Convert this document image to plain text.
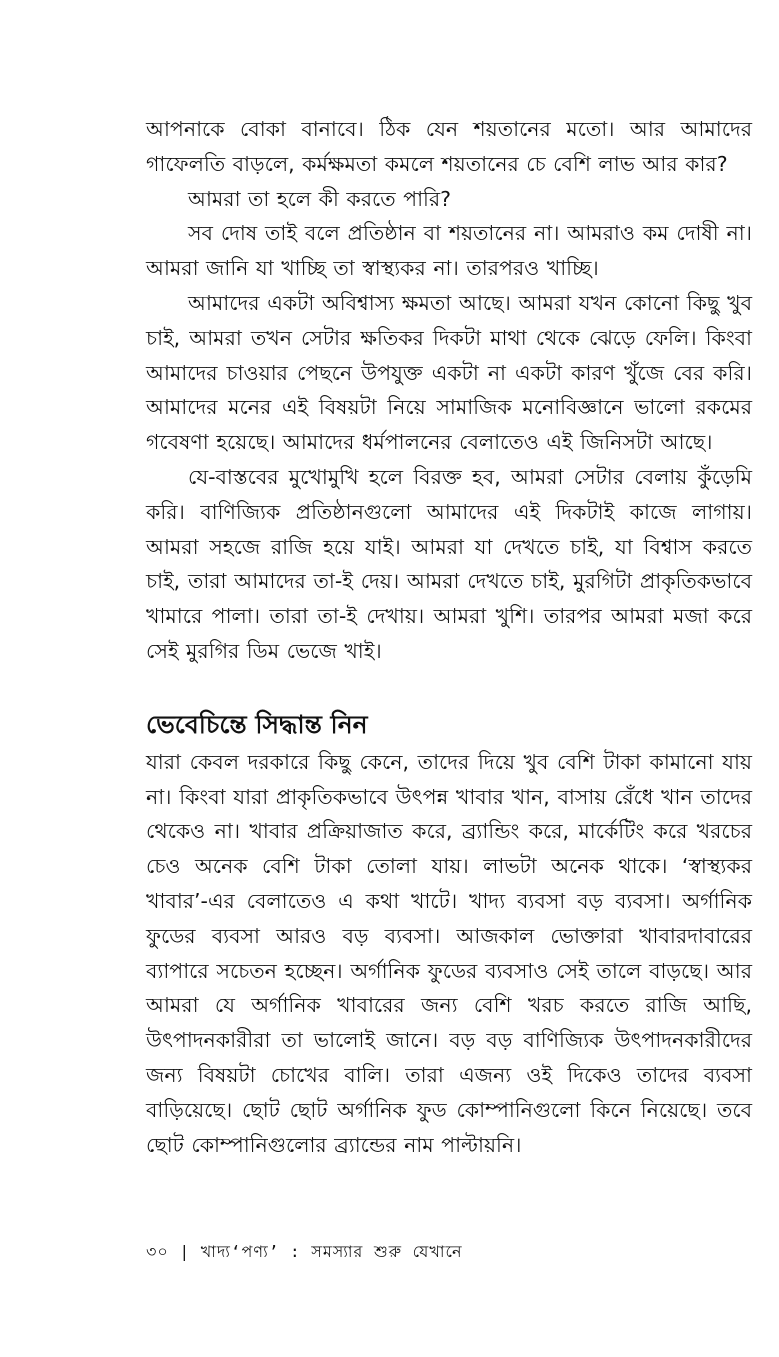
আপনাকে বোকা বানাবে। ঠিক যেন শয়তানের মতো। আর আমাদের গাফেলতি বাড়লে, কর্মক্ষমতা কমলে শয়তানের চে বেশি লাভ আর কার?

আমরা তা হলে কী করতে পারি?

সব দোষ তাই বলে প্রতিষ্ঠান বা শয়তানের না। আমরাও কম দোষী না। আমরা জানি যা খাচ্ছি তা স্বাস্থ্যকর না। তারপরও খাচ্ছি।

আমাদের একটা অবিশ্বাস্য ক্ষমতা আছে। আমরা যখন কোনো কিছু খুব চাই, আমরা তখন সেটার ক্ষতিকর দিকটা মাথা থেকে ঝেড়ে ফেলি। কিংবা আমাদের চাওয়ার পেছনে উপযুক্ত একটা না একটা কারণ খুঁজে বের করি। আমাদের মনের এই বিষয়টা নিয়ে সামাজিক মনোবিজ্ঞানে ভালো রকমের গবেষণা হয়েছে। আমাদের ধর্মপালনের বেলাতেও এই জিনিসটা আছে।

যে-বাস্তবের মুখোমুখি হলে বিরক্ত হব, আমরা সেটার বেলায় কুঁড়েমি করি। বাণিজ্যিক প্রতিষ্ঠানগুলো আমাদের এই দিকটাই কাজে লাগায়। আমরা সহজে রাজি হয়ে যাই। আমরা যা দেখতে চাই, যা বিশ্বাস করতে চাই, তারা আমাদের তা-ই দেয়। আমরা দেখতে চাই, মুরগিটা প্রাকৃতিকভাবে খামারে পালা। তারা তা-ই দেখায়। আমরা খুশি। তারপর আমরা মজা করে সেই মুরগির ডিম ভেজে খাই।

ভেবেচিন্তে সিদ্ধান্ত নিন

যারা কেবল দরকারে কিছু কেনে, তাদের দিয়ে খুব বেশি টাকা কামানো যায় না। কিংবা যারা প্রাকৃতিকভাবে উৎপন্ন খাবার খান, বাসায় রেঁধে খান তাদের থেকেও না। খাবার প্রক্রিয়াজাত করে, ব্র্যান্ডিং করে, মার্কেটিং করে খরচের চেও অনেক বেশি টাকা তোলা যায়। লাভটা অনেক থাকে। ‘স্বাস্থ্যকর খাবার’-এর বেলাতেও এ কথা খাটে। খাদ্য ব্যবসা বড় ব্যবসা। অর্গানিক ফুডের ব্যবসা আরও বড় ব্যবসা। আজকাল ভোক্তারা খাবারদাবারের ব্যাপারে সচেতন হচ্ছেন। অর্গানিক ফুডের ব্যবসাও সেই তালে বাড়ছে। আর আমরা যে অর্গানিক খাবারের জন্য বেশি খরচ করতে রাজি আছি, উৎপাদনকারীরা তা ভালোই জানে। বড় বড় বাণিজ্যিক উৎপাদনকারীদের জন্য বিষয়টা চোখের বালি। তারা এজন্য ওই দিকেও তাদের ব্যবসা বাড়িয়েছে। ছোট ছোট অর্গানিক ফুড কোম্পানিগুলো কিনে নিয়েছে। তবে ছোট কোম্পানিগুলোর ব্র্যান্ডের নাম পাল্টায়নি।

৩০ | খাদ্য‘পণ্য’ : সমস্যার শুরু যেখানে
